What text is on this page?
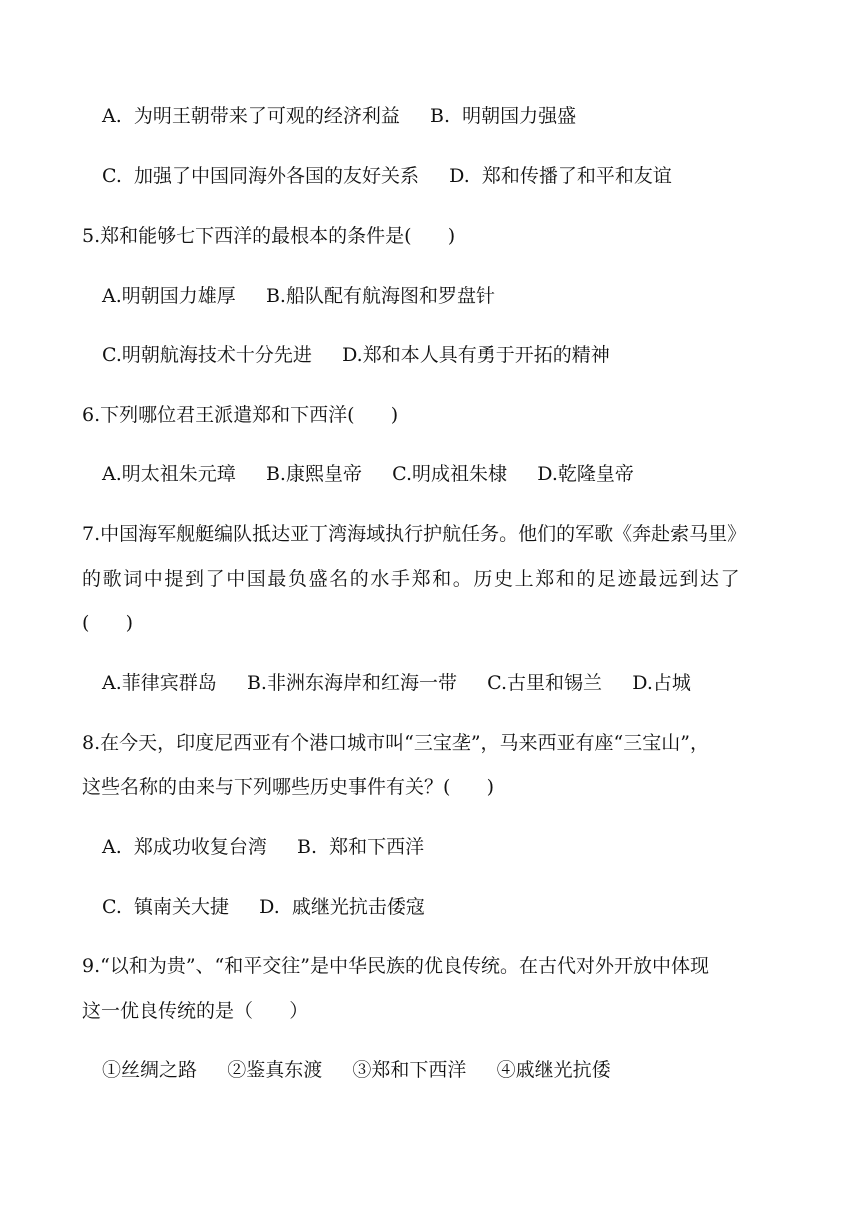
A.  为明王朝带来了可观的经济利益     B.  明朝国力强盛
C.  加强了中国同海外各国的友好关系     D.  郑和传播了和平和友谊
5.郑和能够七下西洋的最根本的条件是(      )
A.明朝国力雄厚     B.船队配有航海图和罗盘针
C.明朝航海技术十分先进     D.郑和本人具有勇于开拓的精神
6.下列哪位君王派遣郑和下西洋(      )
A.明太祖朱元璋     B.康熙皇帝     C.明成祖朱棣     D.乾隆皇帝
7.中国海军舰艇编队抵达亚丁湾海域执行护航任务。他们的军歌《奔赴索马里》
的歌词中提到了中国最负盛名的水手郑和。历史上郑和的足迹最远到达了
(      )
A.菲律宾群岛     B.非洲东海岸和红海一带     C.古里和锡兰     D.占城
8.在今天，印度尼西亚有个港口城市叫“三宝垄”，马来西亚有座“三宝山”，
这些名称的由来与下列哪些历史事件有关？(      )
A.  郑成功收复台湾     B.  郑和下西洋
C.  镇南关大捷     D.  戚继光抗击倭寇
9.“以和为贵”、“和平交往”是中华民族的优良传统。在古代对外开放中体现
这一优良传统的是（      ）
①丝绸之路     ②鉴真东渡     ③郑和下西洋     ④戚继光抗倭
